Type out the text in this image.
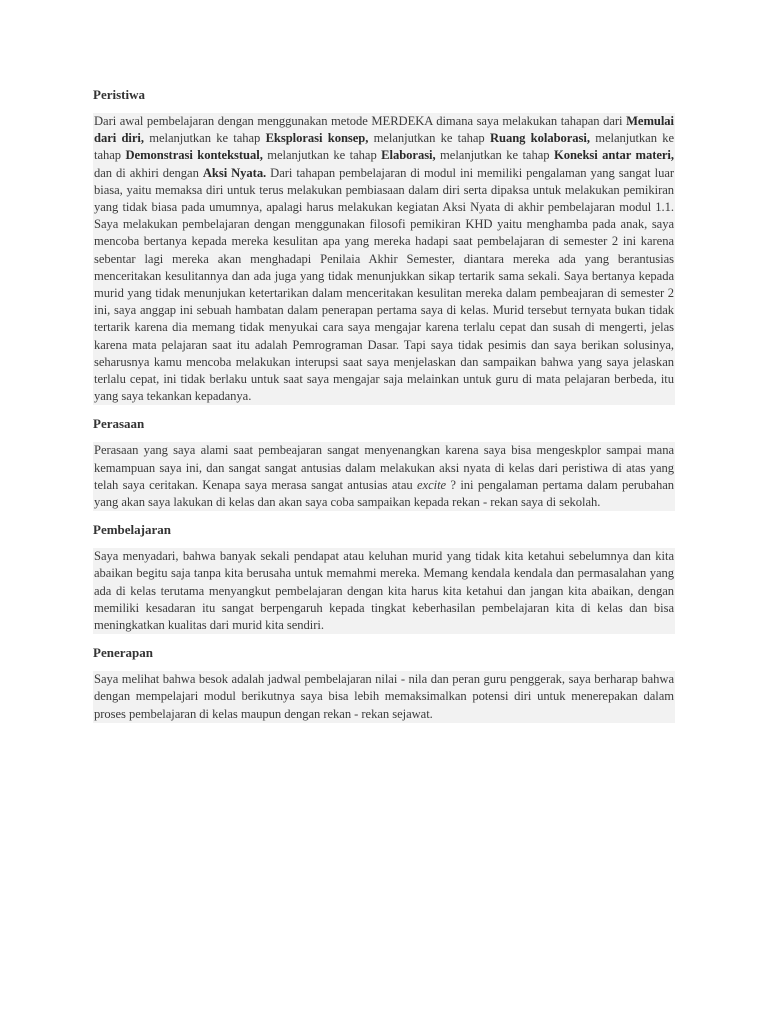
Peristiwa

Dari awal pembelajaran dengan menggunakan metode MERDEKA dimana saya melakukan tahapan dari Memulai dari diri, melanjutkan ke tahap Eksplorasi konsep, melanjutkan ke tahap Ruang kolaborasi, melanjutkan ke tahap Demonstrasi kontekstual, melanjutkan ke tahap Elaborasi, melanjutkan ke tahap Koneksi antar materi, dan di akhiri dengan Aksi Nyata. Dari tahapan pembelajaran di modul ini memiliki pengalaman yang sangat luar biasa, yaitu memaksa diri untuk terus melakukan pembiasaan dalam diri serta dipaksa untuk melakukan pemikiran yang tidak biasa pada umumnya, apalagi harus melakukan kegiatan Aksi Nyata di akhir pembelajaran modul 1.1. Saya melakukan pembelajaran dengan menggunakan filosofi pemikiran KHD yaitu menghamba pada anak, saya mencoba bertanya kepada mereka kesulitan apa yang mereka hadapi saat pembelajaran di semester 2 ini karena sebentar lagi mereka akan menghadapi Penilaia Akhir Semester, diantara mereka ada yang berantusias menceritakan kesulitannya dan ada juga yang tidak menunjukkan sikap tertarik sama sekali. Saya bertanya kepada murid yang tidak menunjukan ketertarikan dalam menceritakan kesulitan mereka dalam pembeajaran di semester 2 ini, saya anggap ini sebuah hambatan dalam penerapan pertama saya di kelas. Murid tersebut ternyata bukan tidak tertarik karena dia memang tidak menyukai cara saya mengajar karena terlalu cepat dan susah di mengerti, jelas karena mata pelajaran saat itu adalah Pemrograman Dasar. Tapi saya tidak pesimis dan saya berikan solusinya, seharusnya kamu mencoba melakukan interupsi saat saya menjelaskan dan sampaikan bahwa yang saya jelaskan terlalu cepat, ini tidak berlaku untuk saat saya mengajar saja melainkan untuk guru di mata pelajaran berbeda, itu yang saya tekankan kepadanya.

Perasaan

Perasaan yang saya alami saat pembeajaran sangat menyenangkan karena saya bisa mengeskplor sampai mana kemampuan saya ini, dan sangat sangat antusias dalam melakukan aksi nyata di kelas dari peristiwa di atas yang telah saya ceritakan. Kenapa saya merasa sangat antusias atau excite ? ini pengalaman pertama dalam perubahan yang akan saya lakukan di kelas dan akan saya coba sampaikan kepada rekan - rekan saya di sekolah.

Pembelajaran

Saya menyadari, bahwa banyak sekali pendapat atau keluhan murid yang tidak kita ketahui sebelumnya dan kita abaikan begitu saja tanpa kita berusaha untuk memahmi mereka. Memang kendala kendala dan permasalahan yang ada di kelas terutama menyangkut pembelajaran dengan kita harus kita ketahui dan jangan kita abaikan, dengan memiliki kesadaran itu sangat berpengaruh kepada tingkat keberhasilan pembelajaran kita di kelas dan bisa meningkatkan kualitas dari murid kita sendiri.

Penerapan

Saya melihat bahwa besok adalah jadwal pembelajaran nilai - nila dan peran guru penggerak, saya berharap bahwa dengan mempelajari modul berikutnya saya bisa lebih memaksimalkan potensi diri untuk menerepakan dalam proses pembelajaran di kelas maupun dengan rekan - rekan sejawat.
